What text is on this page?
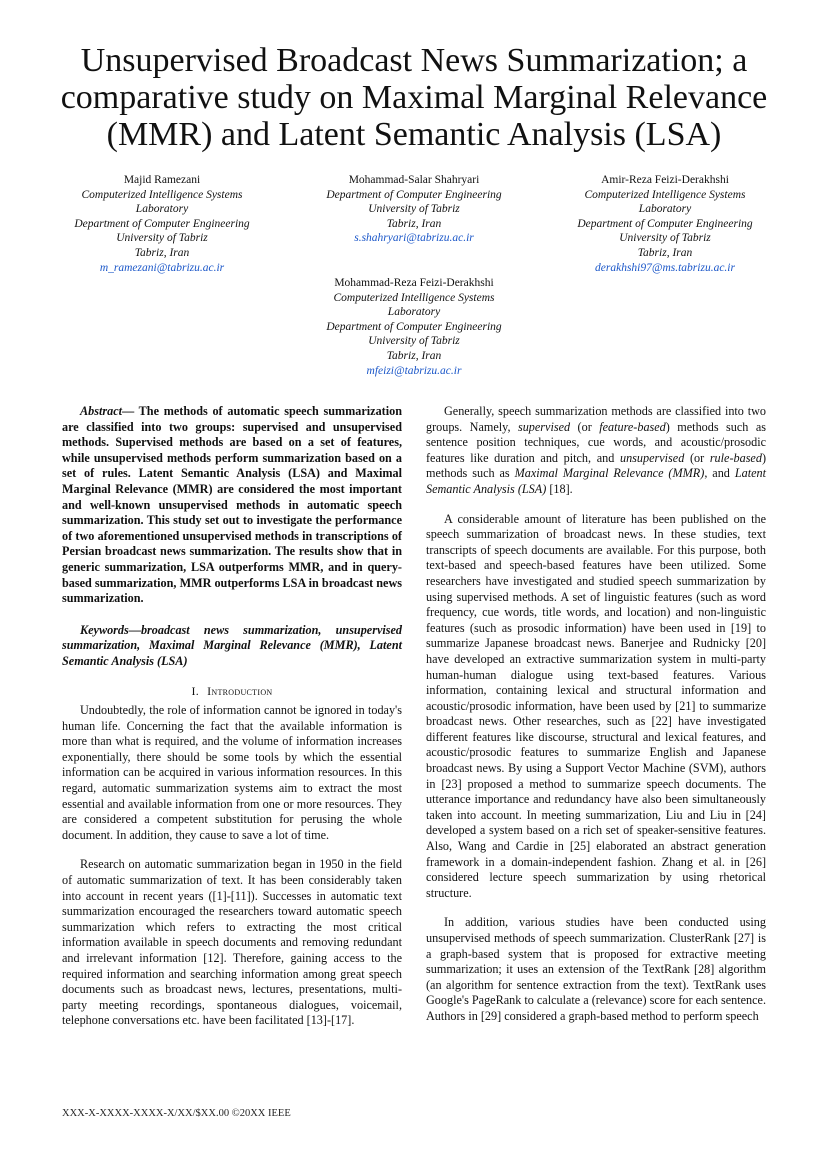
Unsupervised Broadcast News Summarization; a comparative study on Maximal Marginal Relevance (MMR) and Latent Semantic Analysis (LSA)
Majid Ramezani
Computerized Intelligence Systems
Laboratory
Department of Computer Engineering
University of Tabriz
Tabriz, Iran
m_ramezani@tabrizu.ac.ir
Mohammad-Salar Shahryari
Department of Computer Engineering
University of Tabriz
Tabriz, Iran
s.shahryari@tabrizu.ac.ir
Amir-Reza Feizi-Derakhshi
Computerized Intelligence Systems
Laboratory
Department of Computer Engineering
University of Tabriz
Tabriz, Iran
derakhshi97@ms.tabrizu.ac.ir
Mohammad-Reza Feizi-Derakhshi
Computerized Intelligence Systems
Laboratory
Department of Computer Engineering
University of Tabriz
Tabriz, Iran
mfeizi@tabrizu.ac.ir

Abstract— The methods of automatic speech summarization are classified into two groups: supervised and unsupervised methods. Supervised methods are based on a set of features, while unsupervised methods perform summarization based on a set of rules. Latent Semantic Analysis (LSA) and Maximal Marginal Relevance (MMR) are considered the most important and well-known unsupervised methods in automatic speech summarization. This study set out to investigate the performance of two aforementioned unsupervised methods in transcriptions of Persian broadcast news summarization. The results show that in generic summarization, LSA outperforms MMR, and in query-based summarization, MMR outperforms LSA in broadcast news summarization.

Keywords—broadcast news summarization, unsupervised summarization, Maximal Marginal Relevance (MMR), Latent Semantic Analysis (LSA)

I. Introduction

Undoubtedly, the role of information cannot be ignored in today's human life. Concerning the fact that the available information is more than what is required, and the volume of information increases exponentially, there should be some tools by which the essential information can be acquired in various information resources. In this regard, automatic summarization systems aim to extract the most essential and available information from one or more resources. They are considered a competent substitution for perusing the whole document. In addition, they cause to save a lot of time.

Research on automatic summarization began in 1950 in the field of automatic summarization of text. It has been considerably taken into account in recent years ([1]-[11]). Successes in automatic text summarization encouraged the researchers toward automatic speech summarization which refers to extracting the most critical information available in speech documents and removing redundant and irrelevant information [12]. Therefore, gaining access to the required information and searching information among great speech documents such as broadcast news, lectures, presentations, multi-party meeting recordings, spontaneous dialogues, voicemail, telephone conversations etc. have been facilitated [13]-[17].

Generally, speech summarization methods are classified into two groups. Namely, supervised (or feature-based) methods such as sentence position techniques, cue words, and acoustic/prosodic features like duration and pitch, and unsupervised (or rule-based) methods such as Maximal Marginal Relevance (MMR), and Latent Semantic Analysis (LSA) [18].

A considerable amount of literature has been published on the speech summarization of broadcast news. In these studies, text transcripts of speech documents are available. For this purpose, both text-based and speech-based features have been utilized. Some researchers have investigated and studied speech summarization by using supervised methods. A set of linguistic features (such as word frequency, cue words, title words, and location) and non-linguistic features (such as prosodic information) have been used in [19] to summarize Japanese broadcast news. Banerjee and Rudnicky [20] have developed an extractive summarization system in multi-party human-human dialogue using text-based features. Various information, containing lexical and structural information and acoustic/prosodic information, have been used by [21] to summarize broadcast news. Other researches, such as [22] have investigated different features like discourse, structural and lexical features, and acoustic/prosodic features to summarize English and Japanese broadcast news. By using a Support Vector Machine (SVM), authors in [23] proposed a method to summarize speech documents. The utterance importance and redundancy have also been simultaneously taken into account. In meeting summarization, Liu and Liu in [24] developed a system based on a rich set of speaker-sensitive features. Also, Wang and Cardie in [25] elaborated an abstract generation framework in a domain-independent fashion. Zhang et al. in [26] considered lecture speech summarization by using rhetorical structure.

In addition, various studies have been conducted using unsupervised methods of speech summarization. ClusterRank [27] is a graph-based system that is proposed for extractive meeting summarization; it uses an extension of the TextRank [28] algorithm (an algorithm for sentence extraction from the text). TextRank uses Google's PageRank to calculate a (relevance) score for each sentence. Authors in [29] considered a graph-based method to perform speech

XXX-X-XXXX-XXXX-X/XX/$XX.00 ©20XX IEEE
